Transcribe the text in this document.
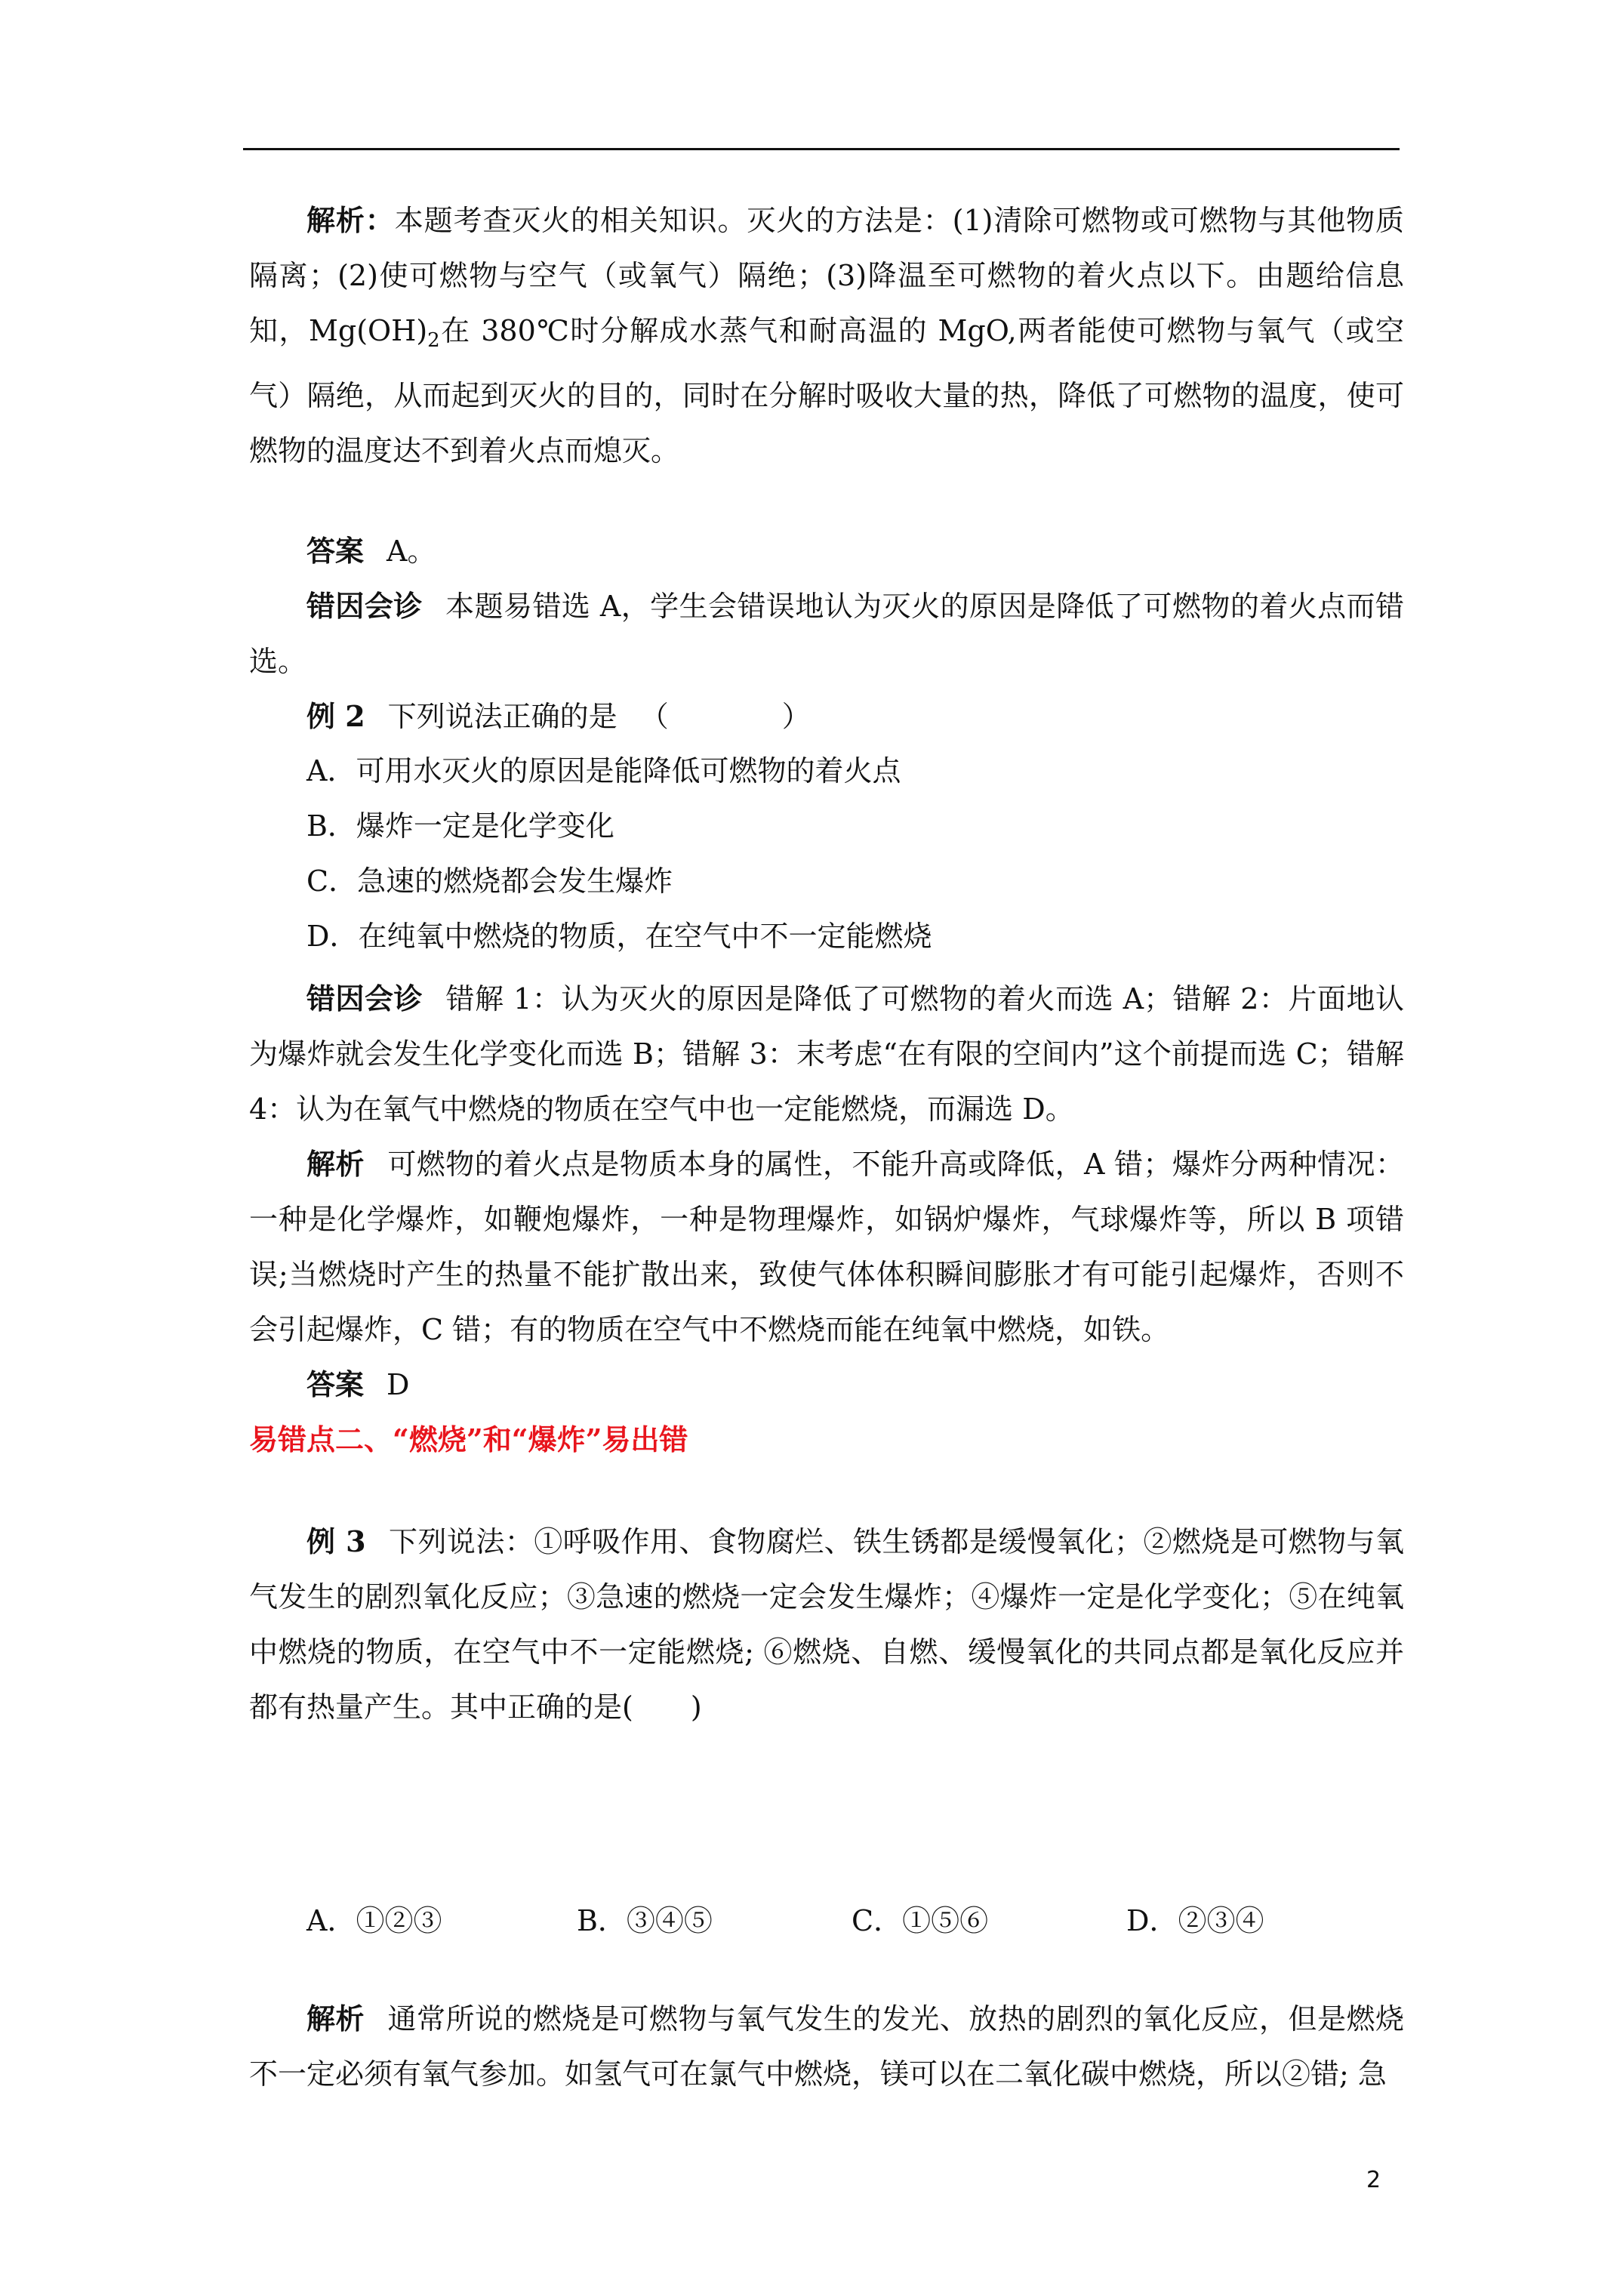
解析：本题考查灭火的相关知识。灭火的方法是：(1)清除可燃物或可燃物与其他物质隔离；(2)使可燃物与空气（或氧气）隔绝；(3)降温至可燃物的着火点以下。由题给信息知，$Mg(OH)_2$在 380℃时分解成水蒸气和耐高温的 MgO,两者能使可燃物与氧气（或空气）隔绝，从而起到灭火的目的，同时在分解时吸收大量的热，降低了可燃物的温度，使可燃物的温度达不到着火点而熄灭。

答案 A。

错因会诊 本题易错选 A，学生会错误地认为灭火的原因是降低了可燃物的着火点而错选。

例 2 下列说法正确的是 （	）

A．可用水灭火的原因是能降低可燃物的着火点

B．爆炸一定是化学变化

C．急速的燃烧都会发生爆炸

D．在纯氧中燃烧的物质，在空气中不一定能燃烧

错因会诊 错解 1：认为灭火的原因是降低了可燃物的着火而选 A；错解 2：片面地认为爆炸就会发生化学变化而选 B；错解 3：末考虑“在有限的空间内”这个前提而选 C；错解 4：认为在氧气中燃烧的物质在空气中也一定能燃烧，而漏选 D。

解析 可燃物的着火点是物质本身的属性，不能升高或降低，A 错；爆炸分两种情况：一种是化学爆炸，如鞭炮爆炸，一种是物理爆炸，如锅炉爆炸，气球爆炸等，所以 B 项错误;当燃烧时产生的热量不能扩散出来，致使气体体积瞬间膨胀才有可能引起爆炸，否则不会引起爆炸，C 错；有的物质在空气中不燃烧而能在纯氧中燃烧，如铁。

答案 D

易错点二、“燃烧”和“爆炸”易出错

例 3 下列说法：①呼吸作用、食物腐烂、铁生锈都是缓慢氧化；②燃烧是可燃物与氧气发生的剧烈氧化反应；③急速的燃烧一定会发生爆炸；④爆炸一定是化学变化；⑤在纯氧中燃烧的物质，在空气中不一定能燃烧; ⑥燃烧、自燃、缓慢氧化的共同点都是氧化反应并都有热量产生。其中正确的是(　　)

A．①②③	B．③④⑤	C．①⑤⑥	D．②③④

解析 通常所说的燃烧是可燃物与氧气发生的发光、放热的剧烈的氧化反应，但是燃烧不一定必须有氧气参加。如氢气可在氯气中燃烧，镁可以在二氧化碳中燃烧，所以②错; 急

2
